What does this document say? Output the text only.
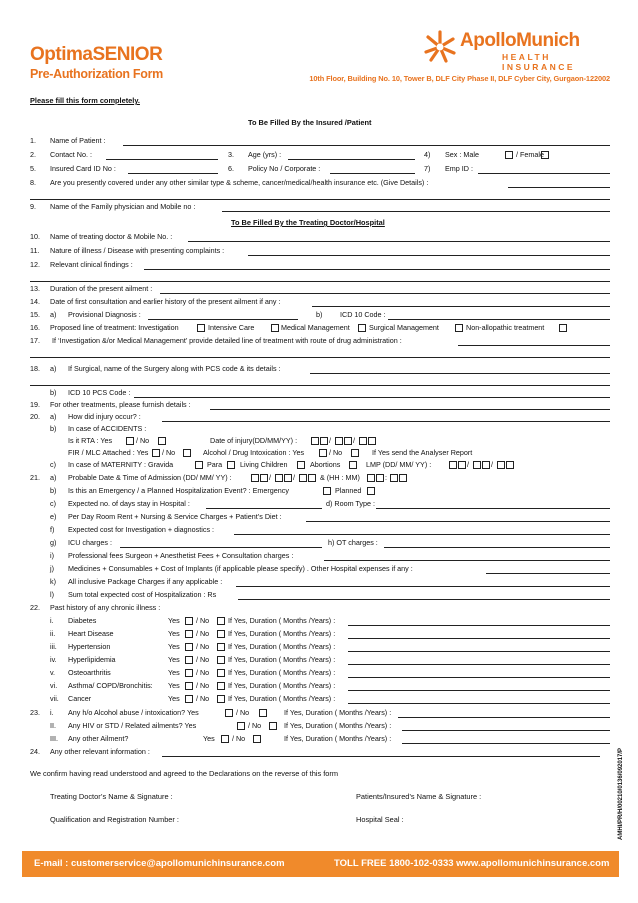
OptimaSENIOR
Pre-Authorization Form
ApolloMunich
HEALTH INSURANCE
10th Floor, Building No. 10, Tower B, DLF City Phase II, DLF Cyber City, Gurgaon-122002
Please fill this form completely.
To Be Filled By the Insured /Patient
1. Name of Patient :
2. Contact No. :	3. Age (yrs) :	4) Sex : Male	/ Female
5. Insured Card ID No :	6. Policy No / Corporate :	7) Emp ID :
8. Are you presently covered under any other similar type & scheme, cancer/medical/health insurance etc. (Give Details) :
9. Name of the Family physician and Mobile no :
To Be Filled By the Treating Doctor/Hospital
10. Name of treating doctor & Mobile No. :
11. Nature of illness / Disease with presenting complaints :
12. Relevant clinical findings :
13. Duration of the present ailment :
14. Date of first consultation and earlier history of the present ailment if any :
15. a) Provisional Diagnosis :	b) ICD 10 Code :
16. Proposed line of treatment: Investigation	Intensive Care	Medical Management	Surgical Management	Non-allopathic treatment
17. If ‘Investigation &/or Medical Management’ provide detailed line of treatment with route of drug administration :
18. a) If Surgical, name of the Surgery along with PCS code & its details :
b) ICD 10 PCS Code :
19. For other treatments, please furnish details :
20. a) How did injury occur? :
b) In case of ACCIDENTS :
Is it RTA : Yes	/ No	Date of injury(DD/MM/YY) :	/	/
FIR / MLC Attached : Yes / No	Alcohol / Drug Intoxication : Yes	/ No	If Yes send the Analyser Report
c) In case of MATERNITY : Gravida	Para Living Children	Abortions	LMP (DD/ MM/ YY) :	/	/
21. a) Probable Date & Time of Admission (DD/ MM/ YY) :	/	/	& (HH : MM)	:
b) Is this an Emergency / a Planned Hospitalization Event? : Emergency	Planned
c) Expected no. of days stay in Hospital :	d) Room Type :
e) Per Day Room Rent + Nursing & Service Charges + Patient’s Diet :
f) Expected cost for Investigation + diagnostics :
g) ICU charges :	h) OT charges :
i) Professional fees Surgeon + Anesthetist Fees + Consultation charges :
j) Medicines + Consumables + Cost of Implants (if applicable please specify) . Other Hospital expenses if any :
k) All inclusive Package Charges if any applicable :
l) Sum total expected cost of Hospitalization : Rs
22. Past history of any chronic illness :
i. Diabetes	Yes / No	If Yes, Duration ( Months /Years) :
ii. Heart Disease	Yes / No	If Yes, Duration ( Months /Years) :
iii. Hypertension	Yes / No	If Yes, Duration ( Months /Years) :
iv. Hyperlipidemia	Yes / No	If Yes, Duration ( Months /Years) :
v. Osteoarthritis	Yes / No	If Yes, Duration ( Months /Years) :
vi. Asthma/ COPD/Bronchitis: Yes / No	If Yes, Duration ( Months /Years) :
vii. Cancer	Yes / No	If Yes, Duration ( Months /Years) :
23. i. Any h/o Alcohol abuse / intoxication? Yes	/ No	If Yes, Duration ( Months /Years) :
II. Any HIV or STD / Related ailments? Yes	/ No	If Yes, Duration ( Months /Years) :
III. Any other Ailment?	Yes / No	If Yes, Duration ( Months /Years) :
24. Any other relevant information :
We confirm having read understood and agreed to the Declarations on the reverse of this form
Treating Doctor’s Name & Signature :	Patients/Insured’s Name & Signature :
Qualification and Registration Number :	Hospital Seal :	AMHI/PR/H/00210/0136/092017/P
E-mail : customerservice@apollomunichinsurance.com	TOLL FREE 1800-102-0333 www.apollomunichinsurance.com
